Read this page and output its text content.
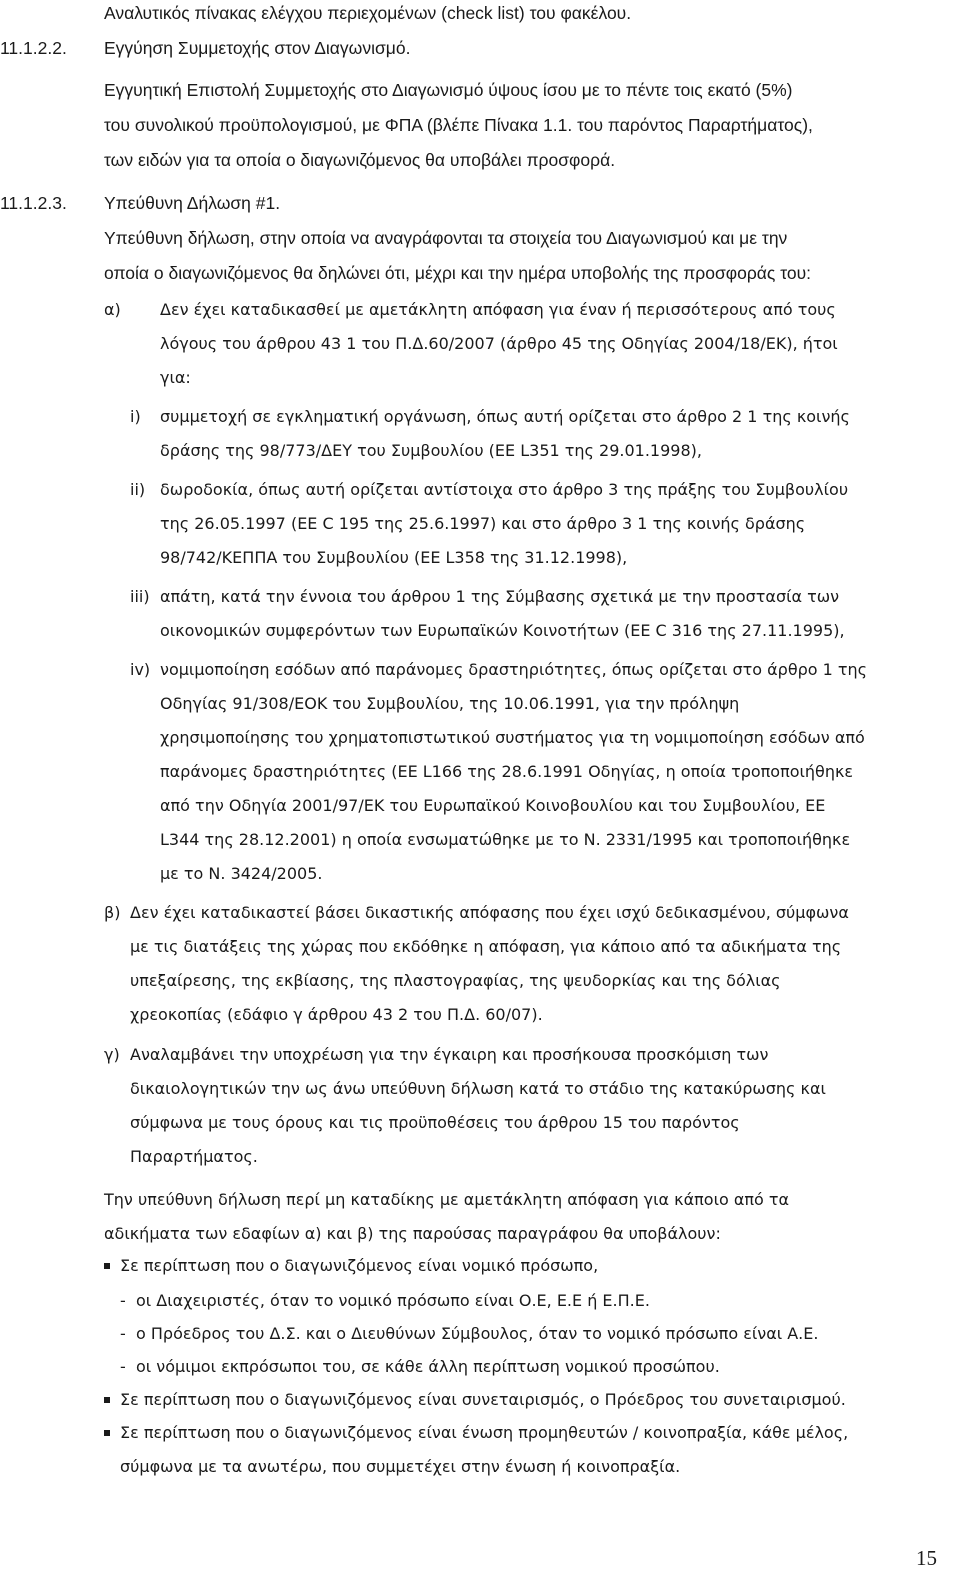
Αναλυτικός πίνακας ελέγχου περιεχομένων (check list) του φακέλου.
11.1.2.2. Εγγύηση Συμμετοχής στον Διαγωνισμό.
Εγγυητική Επιστολή Συμμετοχής στο Διαγωνισμό ύψους ίσου με το πέντε τοις εκατό (5%)
του συνολικού προϋπολογισμού, με ΦΠΑ (βλέπε Πίνακα 1.1. του παρόντος Παραρτήματος),
των ειδών για τα οποία ο διαγωνιζόμενος θα υποβάλει προσφορά.
11.1.2.3. Υπεύθυνη Δήλωση #1.
Υπεύθυνη δήλωση, στην οποία να αναγράφονται τα στοιχεία του Διαγωνισμού και με την
οποία ο διαγωνιζόμενος θα δηλώνει ότι, μέχρι και την ημέρα υποβολής της προσφοράς του:
α) Δεν έχει καταδικασθεί με αμετάκλητη απόφαση για έναν ή περισσότερους από τους
λόγους του άρθρου 43 1 του Π.Δ.60/2007 (άρθρο 45 της Οδηγίας 2004/18/ΕΚ), ήτοι
για:
i) συμμετοχή σε εγκληματική οργάνωση, όπως αυτή ορίζεται στο άρθρο 2 1 της κοινής
δράσης της 98/773/ΔΕΥ του Συμβουλίου (ΕΕ L351 της 29.01.1998),
ii) δωροδοκία, όπως αυτή ορίζεται αντίστοιχα στο άρθρο 3 της πράξης του Συμβουλίου
της 26.05.1997 (ΕΕ C 195 της 25.6.1997) και στο άρθρο 3 1 της κοινής δράσης
98/742/ΚΕΠΠΑ του Συμβουλίου (ΕΕ L358 της 31.12.1998),
iii) απάτη, κατά την έννοια του άρθρου 1 της Σύμβασης σχετικά με την προστασία των
οικονομικών συμφερόντων των Ευρωπαϊκών Κοινοτήτων (ΕΕ C 316 της 27.11.1995),
iv) νομιμοποίηση εσόδων από παράνομες δραστηριότητες, όπως ορίζεται στο άρθρο 1 της
Οδηγίας 91/308/ΕΟΚ του Συμβουλίου, της 10.06.1991, για την πρόληψη
χρησιμοποίησης του χρηματοπιστωτικού συστήματος για τη νομιμοποίηση εσόδων από
παράνομες δραστηριότητες (ΕΕ L166 της 28.6.1991 Οδηγίας, η οποία τροποποιήθηκε
από την Οδηγία 2001/97/ΕΚ του Ευρωπαϊκού Κοινοβουλίου και του Συμβουλίου, ΕΕ
L344 της 28.12.2001) η οποία ενσωματώθηκε με το Ν. 2331/1995 και τροποποιήθηκε
με το Ν. 3424/2005.
β) Δεν έχει καταδικαστεί βάσει δικαστικής απόφασης που έχει ισχύ δεδικασμένου, σύμφωνα
με τις διατάξεις της χώρας που εκδόθηκε η απόφαση, για κάποιο από τα αδικήματα της
υπεξαίρεσης, της εκβίασης, της πλαστογραφίας, της ψευδορκίας και της δόλιας
χρεοκοπίας (εδάφιο γ άρθρου 43 2 του Π.Δ. 60/07).
γ) Αναλαμβάνει την υποχρέωση για την έγκαιρη και προσήκουσα προσκόμιση των
δικαιολογητικών την ως άνω υπεύθυνη δήλωση κατά το στάδιο της κατακύρωσης και
σύμφωνα με τους όρους και τις προϋποθέσεις του άρθρου 15 του παρόντος
Παραρτήματος.
Την υπεύθυνη δήλωση περί μη καταδίκης με αμετάκλητη απόφαση για κάποιο από τα
αδικήματα των εδαφίων α) και β) της παρούσας παραγράφου θα υποβάλουν:
Σε περίπτωση που ο διαγωνιζόμενος είναι νομικό πρόσωπο,
- οι Διαχειριστές, όταν το νομικό πρόσωπο είναι Ο.Ε, Ε.Ε ή Ε.Π.Ε.
- ο Πρόεδρος του Δ.Σ. και ο Διευθύνων Σύμβουλος, όταν το νομικό πρόσωπο είναι Α.Ε.
- οι νόμιμοι εκπρόσωποι του, σε κάθε άλλη περίπτωση νομικού προσώπου.
Σε περίπτωση που ο διαγωνιζόμενος είναι συνεταιρισμός, ο Πρόεδρος του συνεταιρισμού.
Σε περίπτωση που ο διαγωνιζόμενος είναι ένωση προμηθευτών / κοινοπραξία, κάθε μέλος,
σύμφωνα με τα ανωτέρω, που συμμετέχει στην ένωση ή κοινοπραξία.
15
